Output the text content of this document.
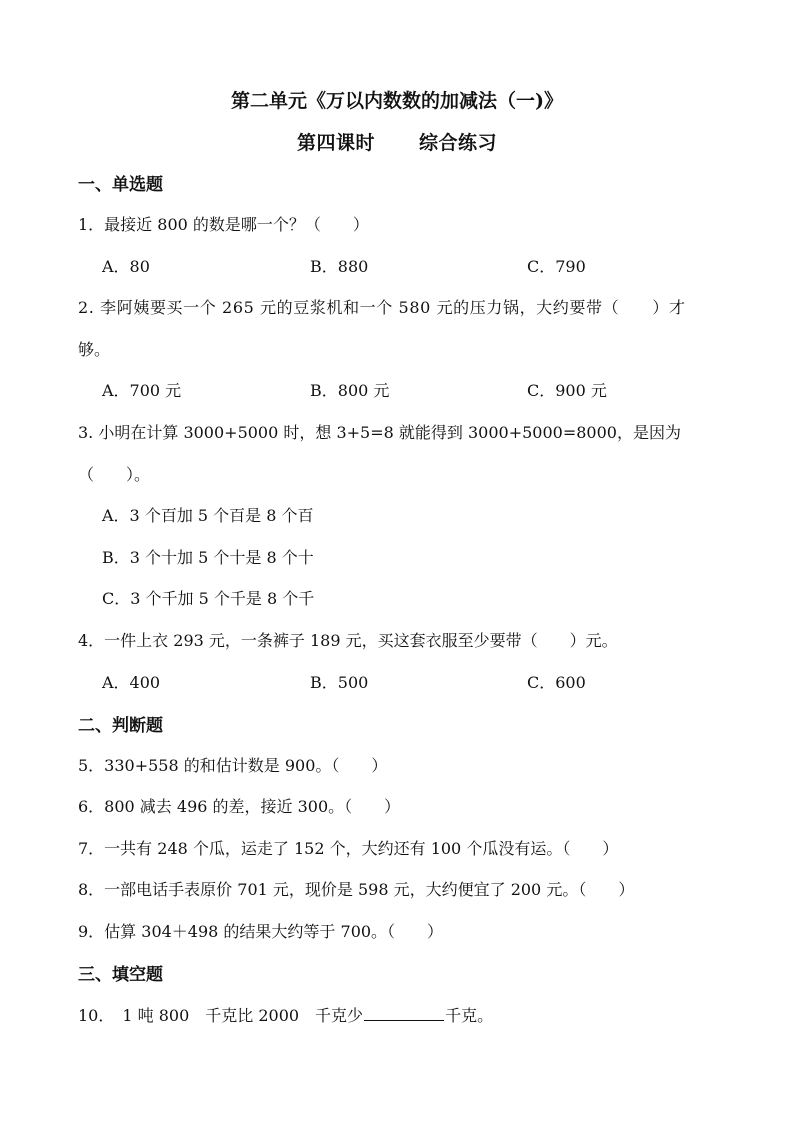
第二单元《万以内数数的加减法（一)》
第四课时 综合练习
一、单选题
1．最接近 800 的数是哪一个？（　　）
A．80	B．880	C．790
2. 李阿姨要买一个 265 元的豆浆机和一个 580 元的压力锅，大约要带（　　）才
够。
A．700 元	B．800 元	C．900 元
3. 小明在计算 3000+5000 时，想 3+5=8 就能得到 3000+5000=8000，是因为
（　　）。
A．3 个百加 5 个百是 8 个百
B．3 个十加 5 个十是 8 个十
C．3 个千加 5 个千是 8 个千
4．一件上衣 293 元，一条裤子 189 元，买这套衣服至少要带（　　）元。
A．400	B．500	C．600
二、判断题
5．330+558 的和估计数是 900。（　　）
6．800 减去 496 的差，接近 300。（　　）
7．一共有 248 个瓜，运走了 152 个，大约还有 100 个瓜没有运。（　　）
8．一部电话手表原价 701 元，现价是 598 元，大约便宜了 200 元。（　　）
9．估算 304＋498 的结果大约等于 700。（　　）
三、填空题
10．　1 吨 800　千克比 2000　千克少	千克。
